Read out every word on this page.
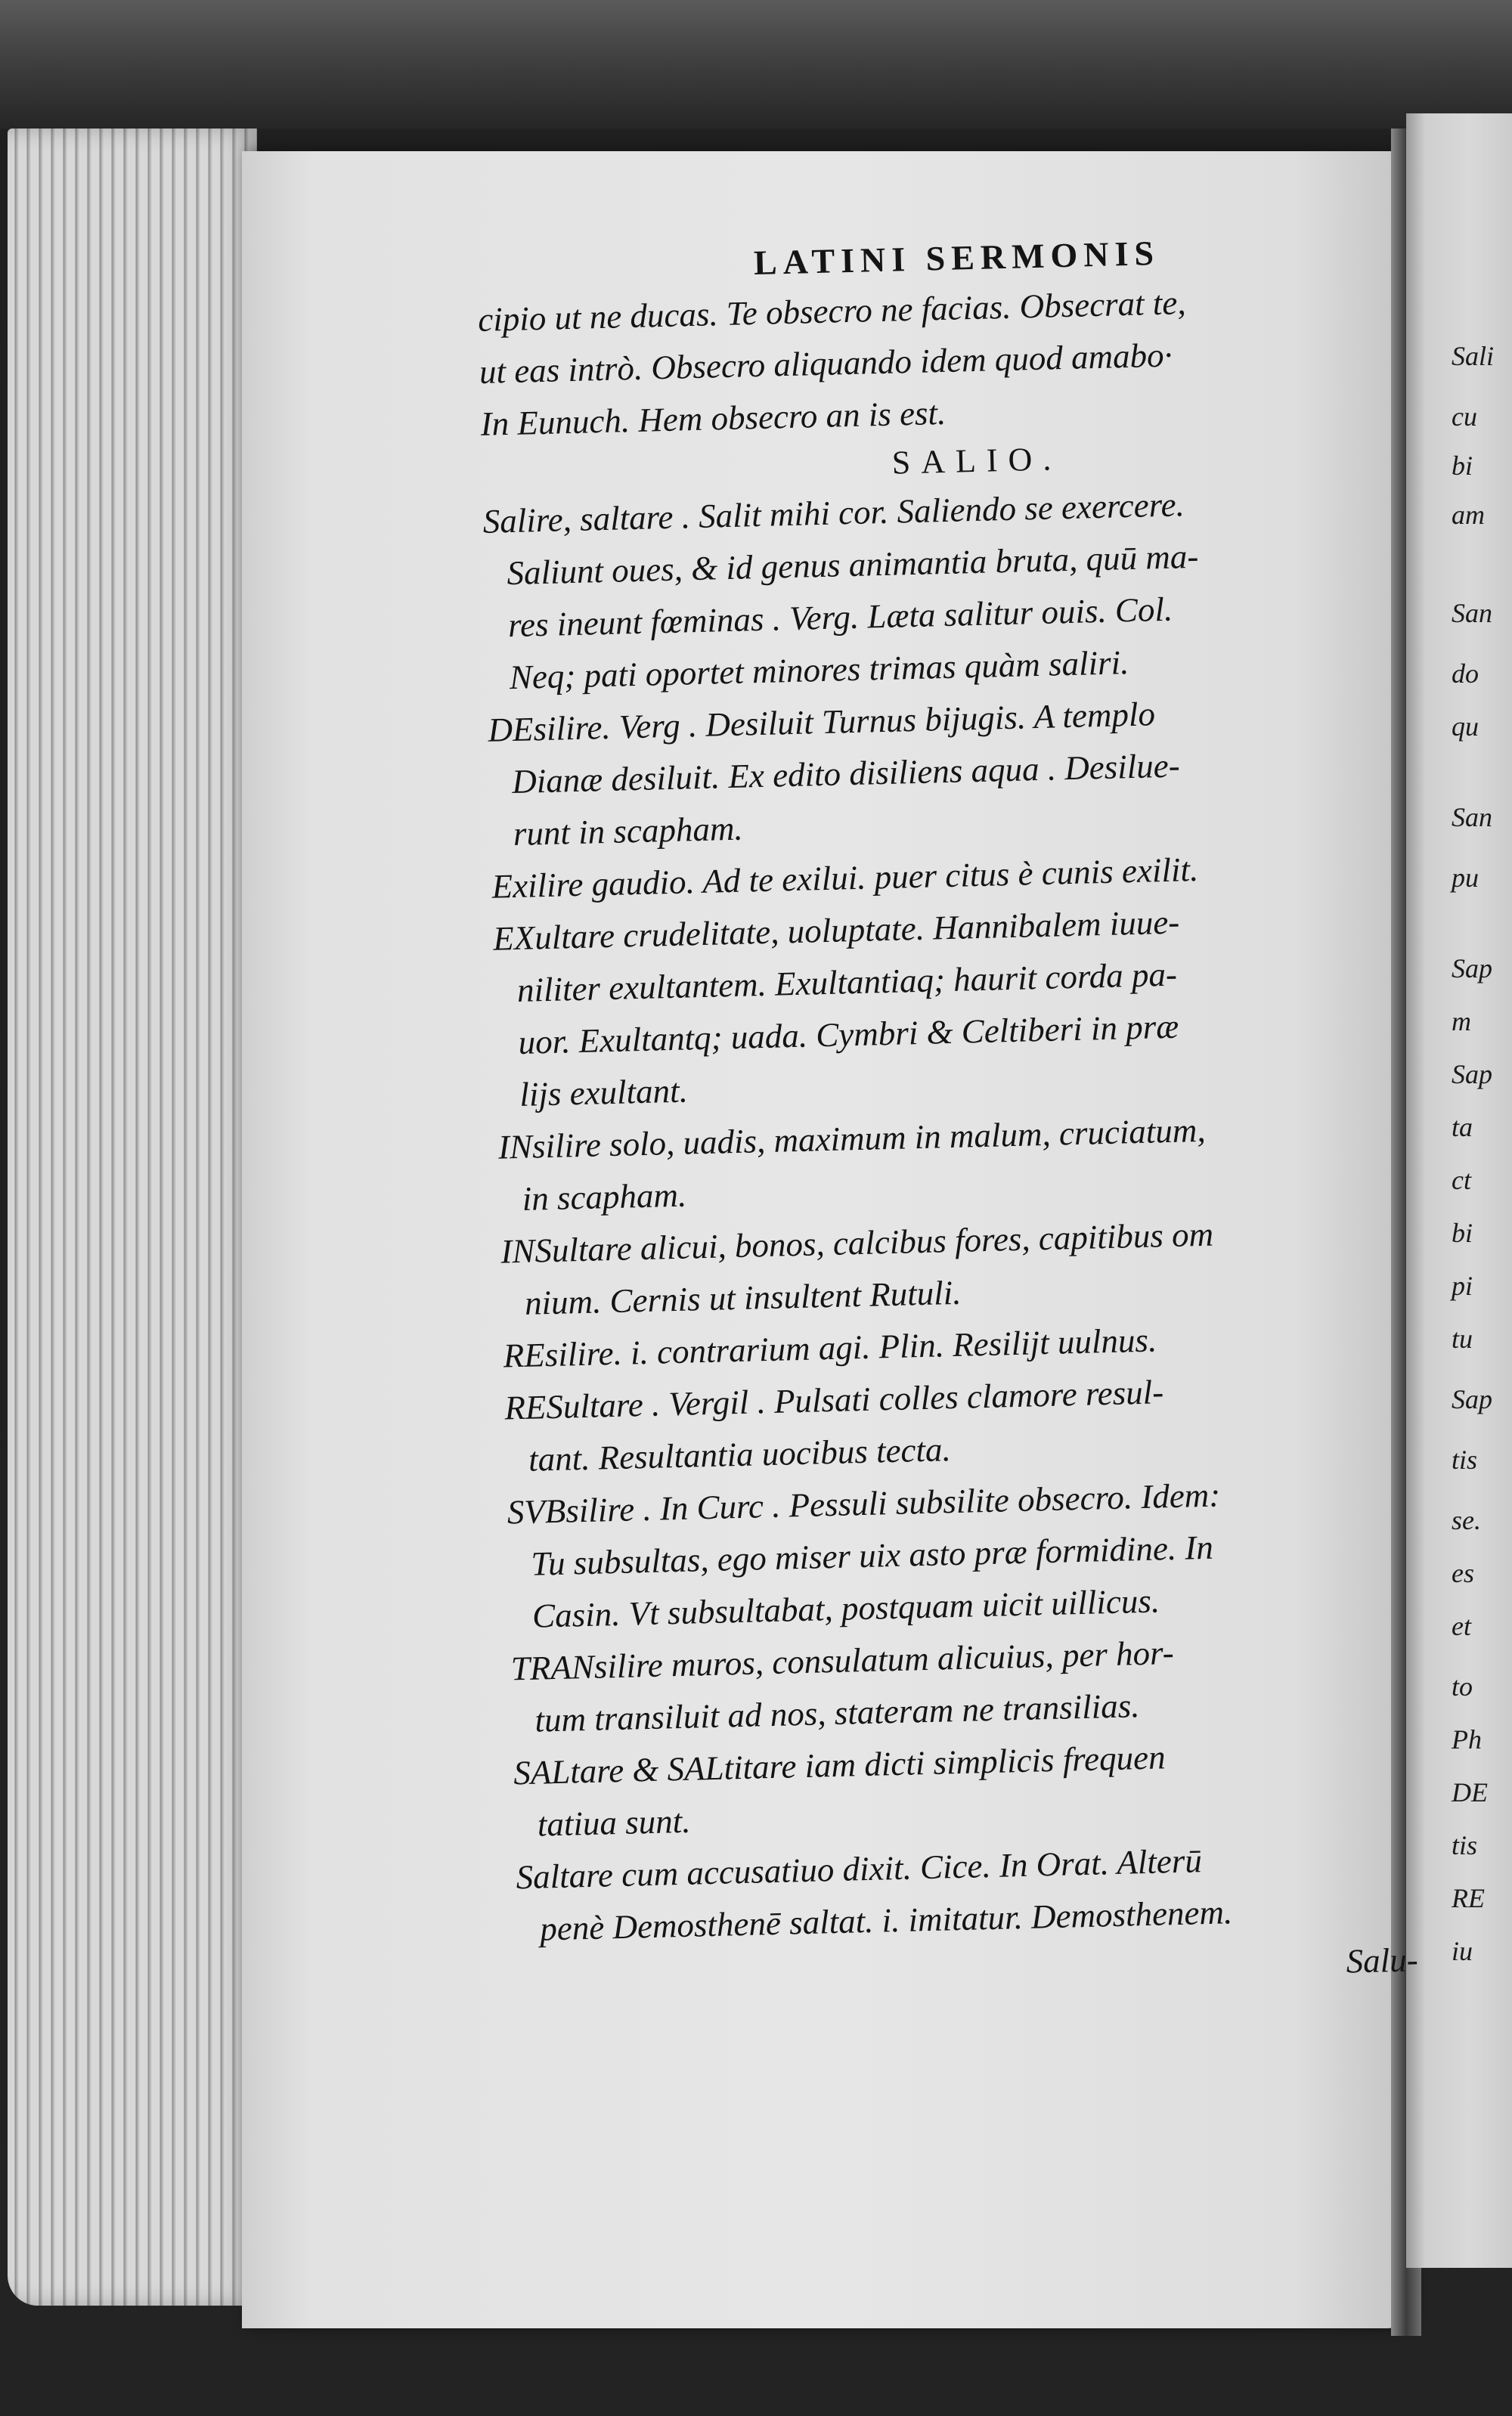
Sali
cu
bi
am
San
do
qu
San
pu
Sap
m
Sap
ta
ct
bi
pi
tu
Sap
tis
se.
es
et
to
Ph
DE
tis
RE
iu
LATINI SERMONIS
cipio ut ne ducas. Te obsecro ne facias. Obsecrat te,
ut eas intrò. Obsecro aliquando idem quod amabo·
In Eunuch. Hem obsecro an is est.
SALIO.
Salire, saltare . Salit mihi cor. Saliendo se exercere.
Saliunt oues, & id genus animantia bruta, quū ma-
res ineunt fœminas . Verg. Læta salitur ouis. Col.
Neq; pati oportet minores trimas quàm saliri.
DEsilire. Verg . Desiluit Turnus bijugis. A templo
Dianæ desiluit. Ex edito disiliens aqua . Desilue-
runt in scapham.
Exilire gaudio. Ad te exilui. puer citus è cunis exilit.
EXultare crudelitate, uoluptate. Hannibalem iuue-
niliter exultantem. Exultantiaq; haurit corda pa-
uor. Exultantq; uada. Cymbri & Celtiberi in præ
lijs exultant.
INsilire solo, uadis, maximum in malum, cruciatum,
in scapham.
INSultare alicui, bonos, calcibus fores, capitibus om
nium. Cernis ut insultent Rutuli.
REsilire. i. contrarium agi. Plin. Resilijt uulnus.
RESultare . Vergil . Pulsati colles clamore resul-
tant. Resultantia uocibus tecta.
SVBsilire . In Curc . Pessuli subsilite obsecro. Idem:
Tu subsultas, ego miser uix asto præ formidine. In
Casin. Vt subsultabat, postquam uicit uillicus.
TRANsilire muros, consulatum alicuius, per hor-
tum transiluit ad nos, stateram ne transilias.
SALtare & SALtitare iam dicti simplicis frequen
tatiua sunt.
Saltare cum accusatiuo dixit. Cice. In Orat. Alterū
penè Demosthenē saltat. i. imitatur. Demosthenem.
Salu-
